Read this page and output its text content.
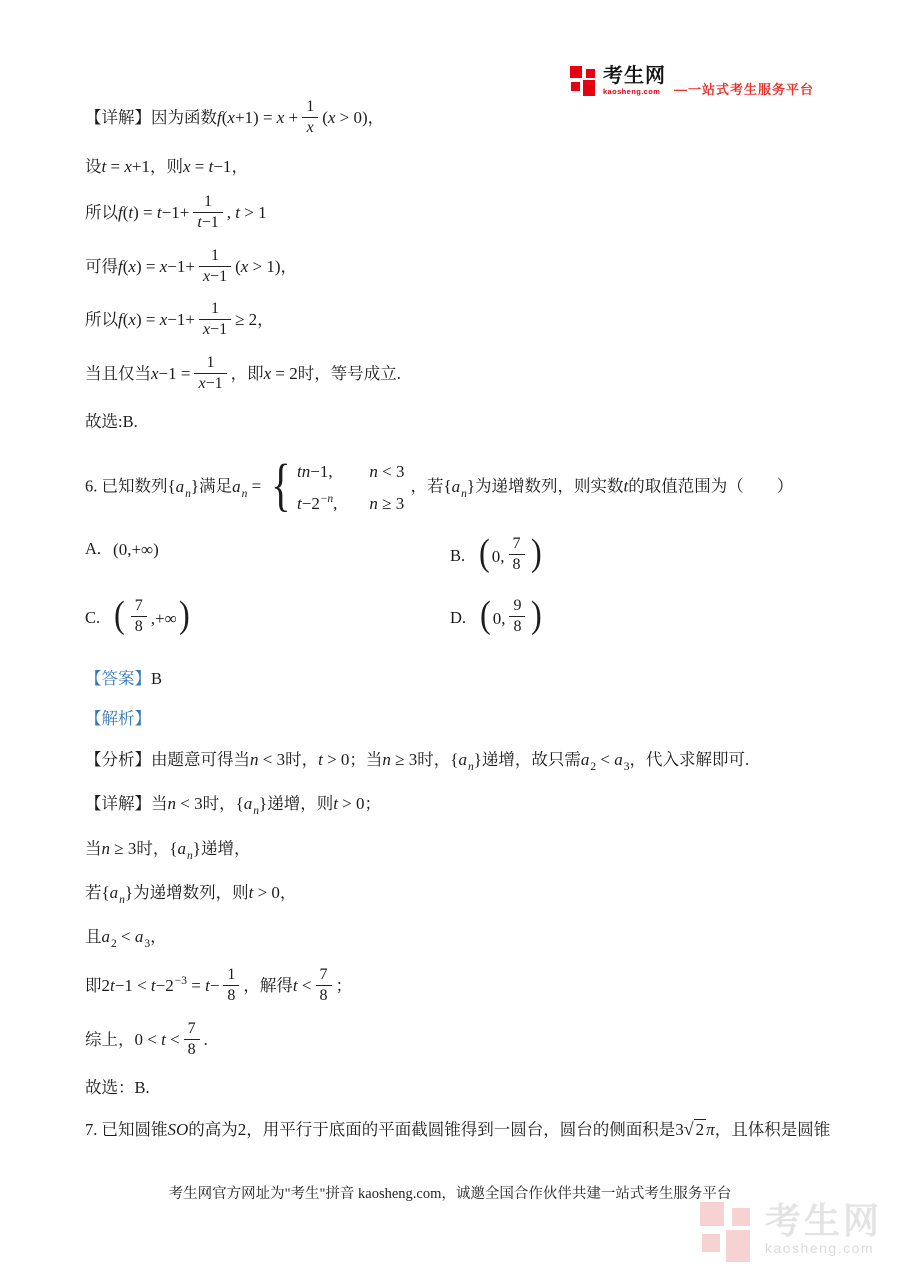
考生网
kaosheng.com	—一站式考生服务平台
【详解】因为函数$f(x+1) = x + \frac{1}{x} (x > 0)$，
设t = x+1，则x = t−1，
所以$f(t) = t-1+ \frac{1}{t-1}$ , t > 1
可得$f(x) = x-1+ \frac{1}{x-1} (x > 1)$，
所以$f(x) = x-1+ \frac{1}{x-1} \ge 2$，
当且仅当$x-1 = \frac{1}{x-1}$ ，即x = 2时，等号成立.
故选:B.
6. 已知数列$\{a_n\}$满足$a_n$ = { tn−1, n < 3
$t-2^{-n}$, n ≥ 3
，若$\{a_n\}$为递增数列，则实数t的取值范围为（　　）
A. (0,+∞)	B. ( 0, $\frac{7}{8}$ )
C. ( $\frac{7}{8}$ ,+∞ )	D. ( 0, $\frac{9}{8}$ )
【答案】B
【解析】
【分析】由题意可得当n < 3时，t > 0；当n ≥ 3时，$\{a_n\}$递增，故只需$a_2 < a_3$，代入求解即可.
【详解】当n < 3时，$\{a_n\}$递增，则t > 0；
当n ≥ 3时，$\{a_n\}$递增，
若$\{a_n\}$为递增数列，则t > 0，
且$a_2 < a_3$，
即$2t-1 < t-2^{-3} = t- \frac{1}{8}$ ，解得$t < \frac{7}{8}$ ；
综上，$0 < t < \frac{7}{8}$ .
故选：B.
7. 已知圆锥SO的高为2，用平行于底面的平面截圆锥得到一圆台，圆台的侧面积是3√ 2 π，且体积是圆锥
考生网官方网址为"考生"拼音 kaosheng.com，诚邀全国合作伙伴共建一站式考生服务平台
考生网
kaosheng.com
